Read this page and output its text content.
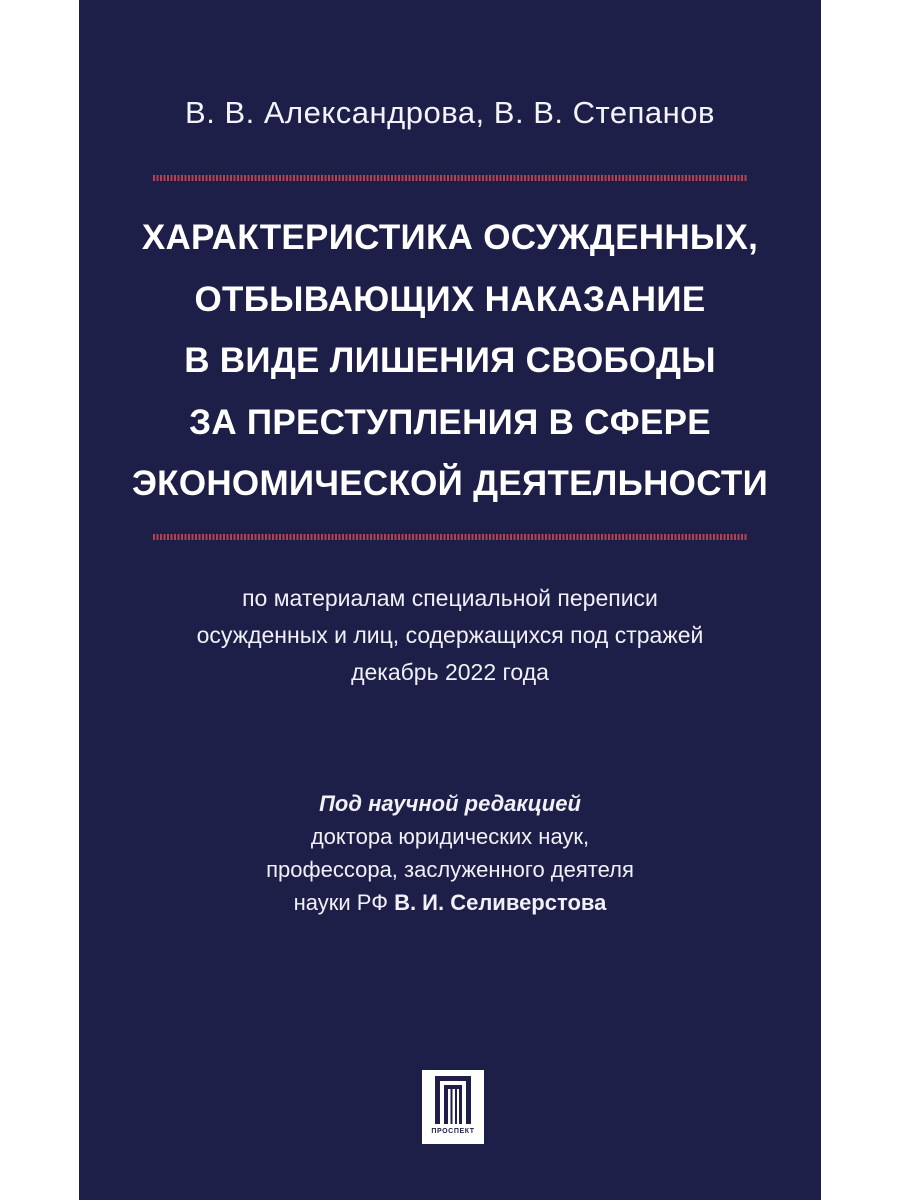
В. В. Александрова, В. В. Степанов
ХАРАКТЕРИСТИКА ОСУЖДЕННЫХ,
ОТБЫВАЮЩИХ НАКАЗАНИЕ
В ВИДЕ ЛИШЕНИЯ СВОБОДЫ
ЗА ПРЕСТУПЛЕНИЯ В СФЕРЕ
ЭКОНОМИЧЕСКОЙ ДЕЯТЕЛЬНОСТИ
по материалам специальной переписи
осужденных и лиц, содержащихся под стражей
декабрь 2022 года
Под научной редакцией
доктора юридических наук,
профессора, заслуженного деятеля
науки РФ В. И. Селиверстова
ПРОСПЕКТ
